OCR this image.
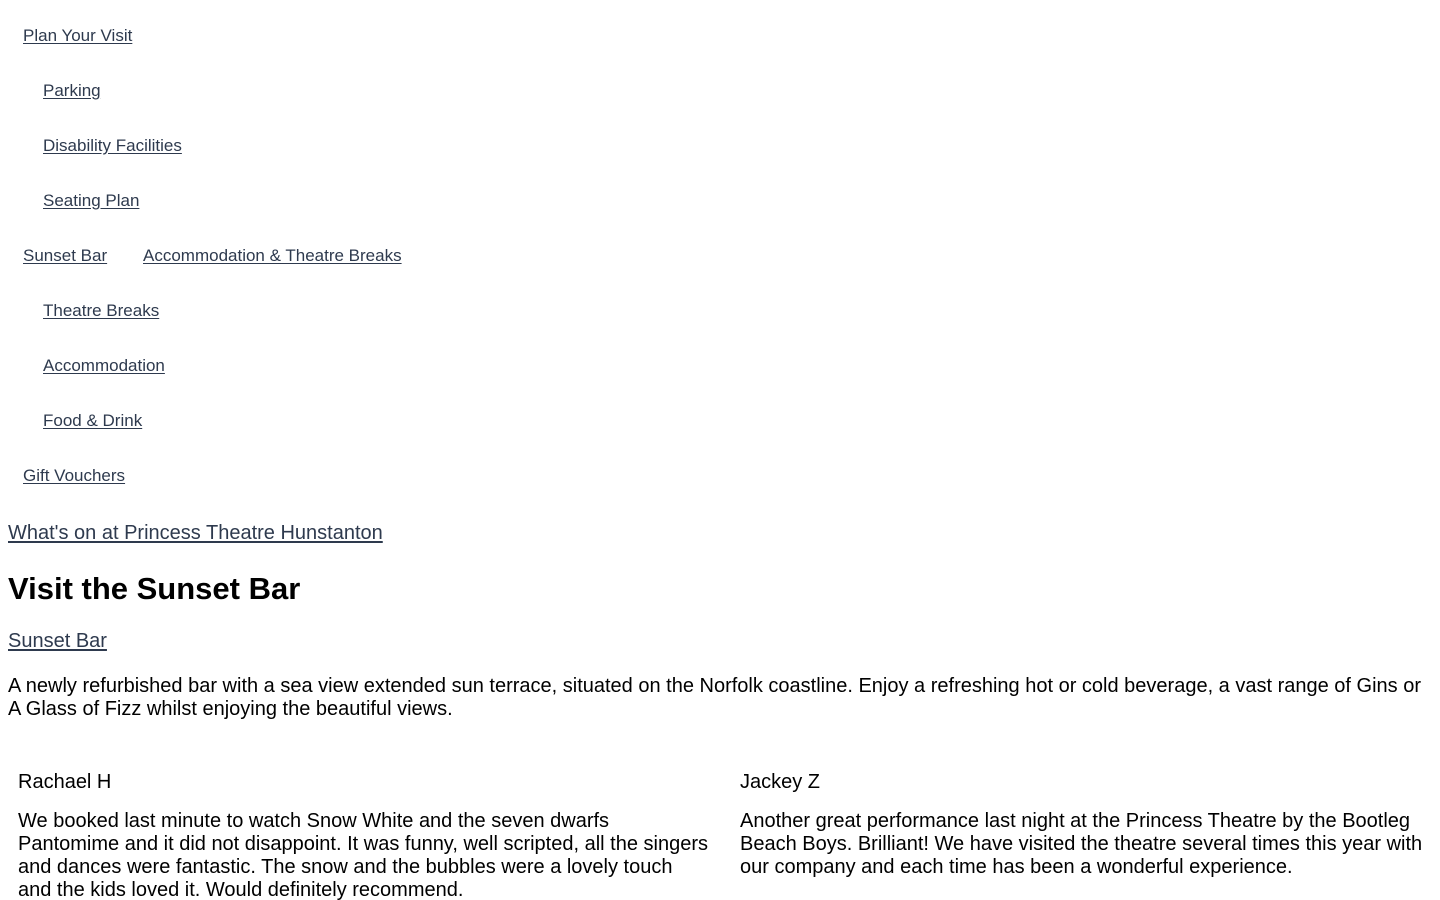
Plan Your Visit
Parking
Disability Facilities
Seating Plan
Sunset Bar Accommodation & Theatre Breaks
Theatre Breaks
Accommodation
Food & Drink
Gift Vouchers
What's on at Princess Theatre Hunstanton
Visit the Sunset Bar
Sunset Bar

A newly refurbished bar with a sea view extended sun terrace, situated on the Norfolk coastline. Enjoy a refreshing hot or cold beverage, a vast range of Gins or A Glass of Fizz whilst enjoying the beautiful views.

Rachael H

We booked last minute to watch Snow White and the seven dwarfs Pantomime and it did not disappoint. It was funny, well scripted, all the singers and dances were fantastic. The snow and the bubbles were a lovely touch and the kids loved it. Would definitely recommend.

Jackey Z

Another great performance last night at the Princess Theatre by the Bootleg Beach Boys. Brilliant! We have visited the theatre several times this year with our company and each time has been a wonderful experience.
